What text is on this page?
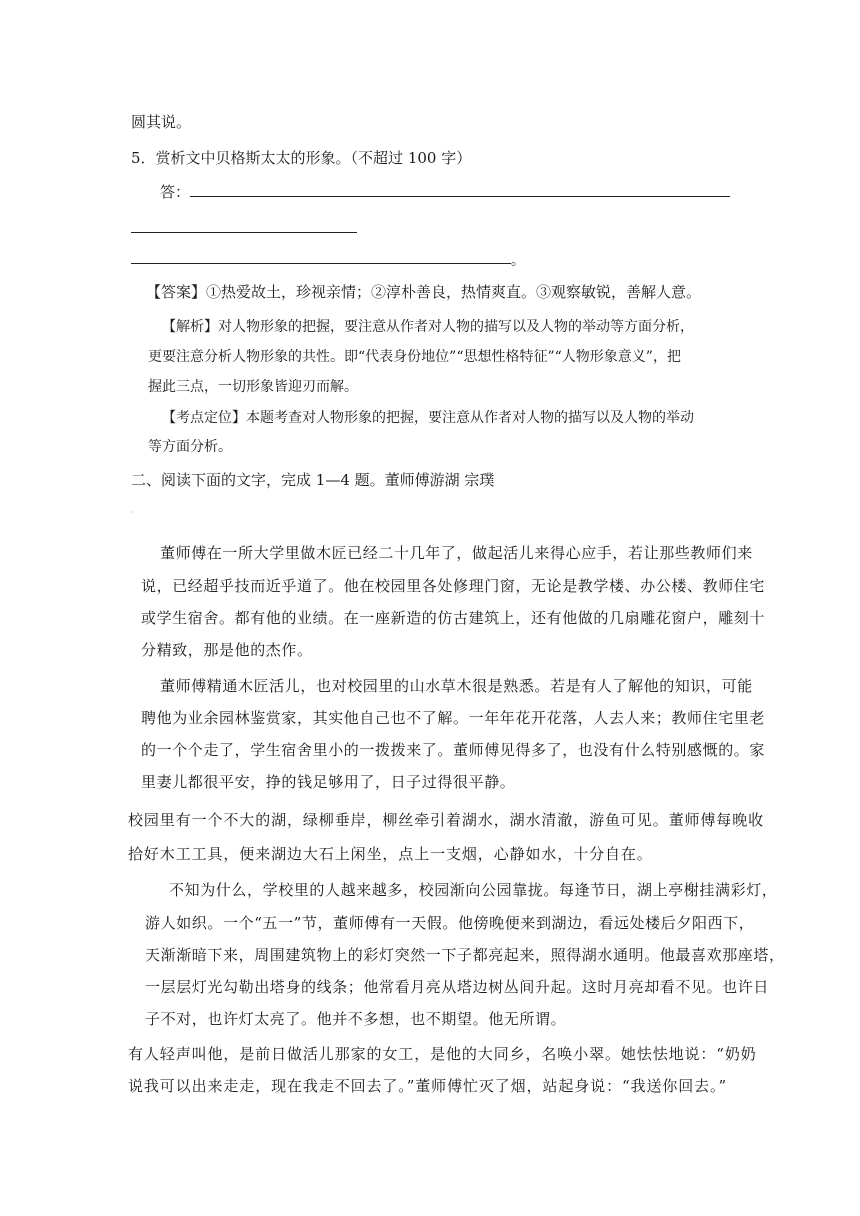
圆其说。
5．赏析文中贝格斯太太的形象。（不超过 100 字）
答：
。
【答案】①热爱故土，珍视亲情；②淳朴善良，热情爽直。③观察敏锐，善解人意。
【解析】对人物形象的把握，要注意从作者对人物的描写以及人物的举动等方面分析，
更要注意分析人物形象的共性。即“代表身份地位”“思想性格特征”“人物形象意义”，把
握此三点，一切形象皆迎刃而解。
【考点定位】本题考查对人物形象的把握，要注意从作者对人物的描写以及人物的举动
等方面分析。
二、阅读下面的文字，完成 1—4 题。董师傅游湖 宗璞
·
董师傅在一所大学里做木匠已经二十几年了，做起活儿来得心应手，若让那些教师们来
说，已经超乎技而近乎道了。他在校园里各处修理门窗，无论是教学楼、办公楼、教师住宅
或学生宿舍。都有他的业绩。在一座新造的仿古建筑上，还有他做的几扇雕花窗户，雕刻十
分精致，那是他的杰作。
董师傅精通木匠活儿，也对校园里的山水草木很是熟悉。若是有人了解他的知识，可能
聘他为业余园林鉴赏家，其实他自己也不了解。一年年花开花落，人去人来；教师住宅里老
的一个个走了，学生宿舍里小的一拨拨来了。董师傅见得多了，也没有什么特别感慨的。家
里妻儿都很平安，挣的钱足够用了，日子过得很平静。
校园里有一个不大的湖，绿柳垂岸，柳丝牵引着湖水，湖水清澈，游鱼可见。董师傅每晚收
拾好木工工具，便来湖边大石上闲坐，点上一支烟，心静如水，十分自在。
不知为什么，学校里的人越来越多，校园渐向公园靠拢。每逢节日，湖上亭榭挂满彩灯，
游人如织。一个“五一”节，董师傅有一天假。他傍晚便来到湖边，看远处楼后夕阳西下，
天渐渐暗下来，周围建筑物上的彩灯突然一下子都亮起来，照得湖水通明。他最喜欢那座塔，
一层层灯光勾勒出塔身的线条；他常看月亮从塔边树丛间升起。这时月亮却看不见。也许日
子不对，也许灯太亮了。他并不多想，也不期望。他无所谓。
有人轻声叫他，是前日做活儿那家的女工，是他的大同乡，名唤小翠。她怯怯地说：“奶奶
说我可以出来走走，现在我走不回去了。”董师傅忙灭了烟，站起身说：“我送你回去。”
